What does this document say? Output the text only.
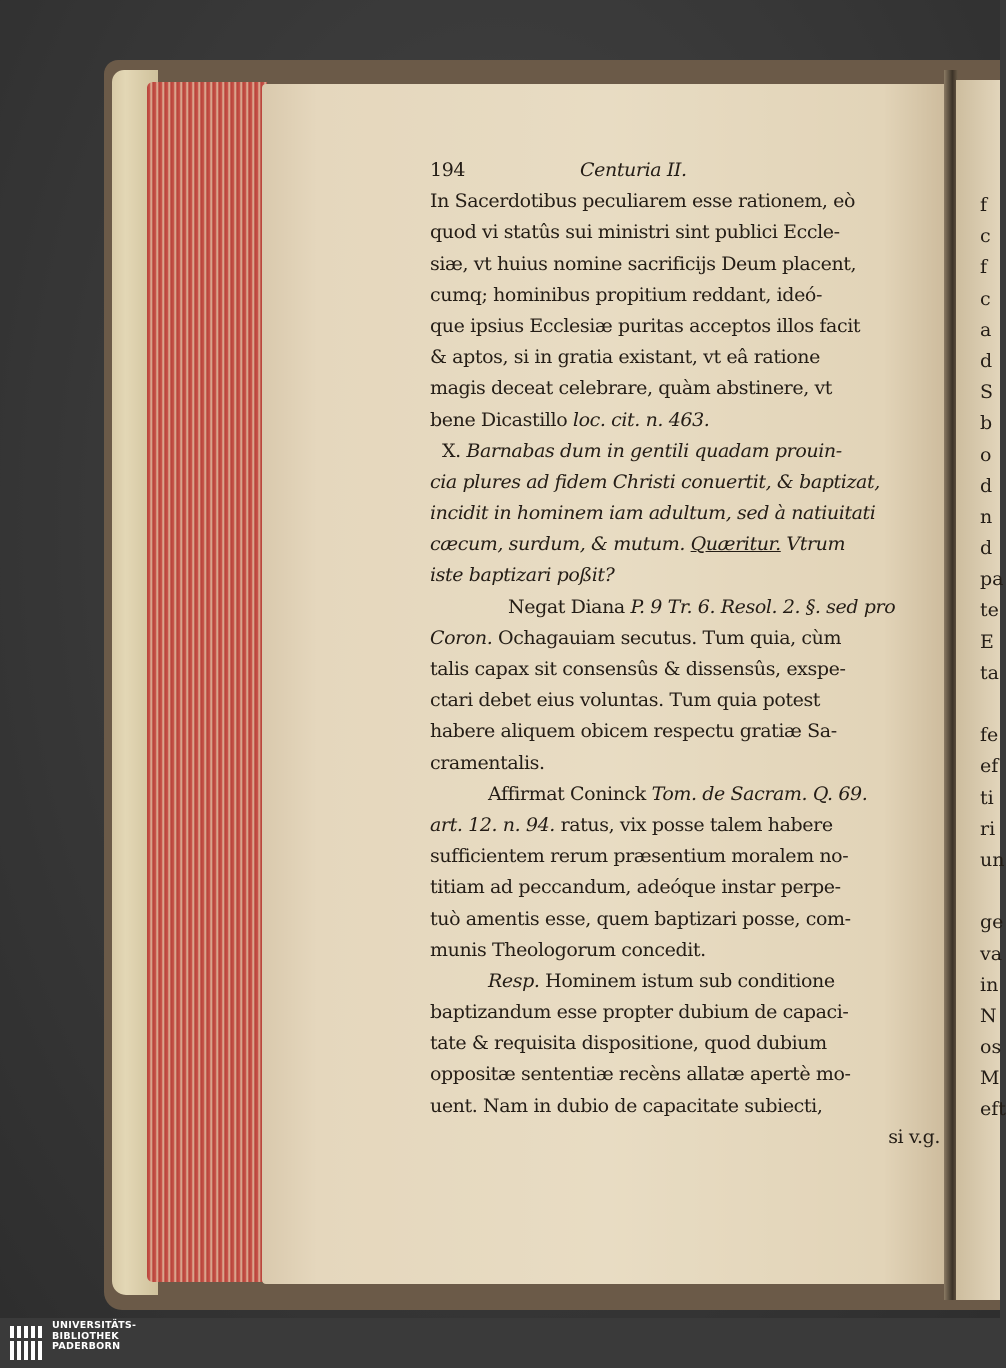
194	Centuria II.
In Sacerdotibus peculiarem esse rationem, eò
quod vi statûs sui ministri sint publici Eccle-
siæ, vt huius nomine sacrificijs Deum placent,
cumq; hominibus propitium reddant, ideó-
que ipsius Ecclesiæ puritas acceptos illos facit
& aptos, si in gratia existant, vt eâ ratione
magis deceat celebrare, quàm abstinere, vt
bene Dicastillo loc. cit. n. 463.
X. Barnabas dum in gentili quadam prouin-
cia plures ad fidem Christi conuertit, & baptizat,
incidit in hominem iam adultum, sed à natiuitati
cæcum, surdum, & mutum. Quæritur. Vtrum
iste baptizari poßit?
Negat Diana P. 9 Tr. 6. Resol. 2. §. sed pro
Coron. Ochagauiam secutus. Tum quia, cùm
talis capax sit consensûs & dissensûs, exspe-
ctari debet eius voluntas. Tum quia potest
habere aliquem obicem respectu gratiæ Sa-
cramentalis.
Affirmat Coninck Tom. de Sacram. Q. 69.
art. 12. n. 94. ratus, vix posse talem habere
sufficientem rerum præsentium moralem no-
titiam ad peccandum, adeóque instar perpe-
tuò amentis esse, quem baptizari posse, com-
munis Theologorum concedit.
Resp. Hominem istum sub conditione
baptizandum esse propter dubium de capaci-
tate & requisita dispositione, quod dubium
oppositæ sententiæ recèns allatæ apertè mo-
uent. Nam in dubio de capacitate subiecti,
si v.g.
f
c
f
c
a
d
S
b
o
d
n
d
pa
te
E
ta
fe
ef
ti
ri
un
ge
va
in
N
os
M
eft
UNIVERSITÄTS-
BIBLIOTHEK
PADERBORN
